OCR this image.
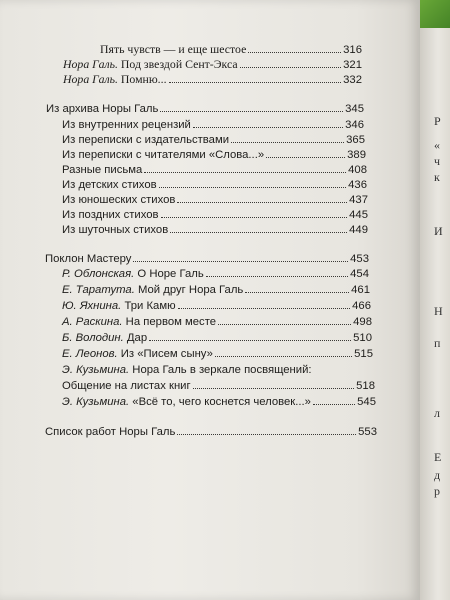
Р
«
ч
к
И
Н
п
л
Е
д
р
Пять чувств — и еще шестое	316
Нора Галь. Под звездой Сент-Экса	321
Нора Галь. Помню...	332
Из архива Норы Галь	345
Из внутренних рецензий	346
Из переписки с издательствами	365
Из переписки с читателями «Слова...»	389
Разные письма	408
Из детских стихов	436
Из юношеских стихов	437
Из поздних стихов	445
Из шуточных стихов	449
Поклон Мастеру	453
Р. Облонская. О Норе Галь	454
Е. Таратута. Мой друг Нора Галь	461
Ю. Яхнина. Три Камю	466
А. Раскина. На первом месте	498
Б. Володин. Дар	510
Е. Леонов. Из «Писем сыну»	515
Э. Кузьмина. Нора Галь в зеркале посвящений:
Общение на листах книг	518
Э. Кузьмина. «Всё то, чего коснется человек...»	545
Список работ Норы Галь	553
